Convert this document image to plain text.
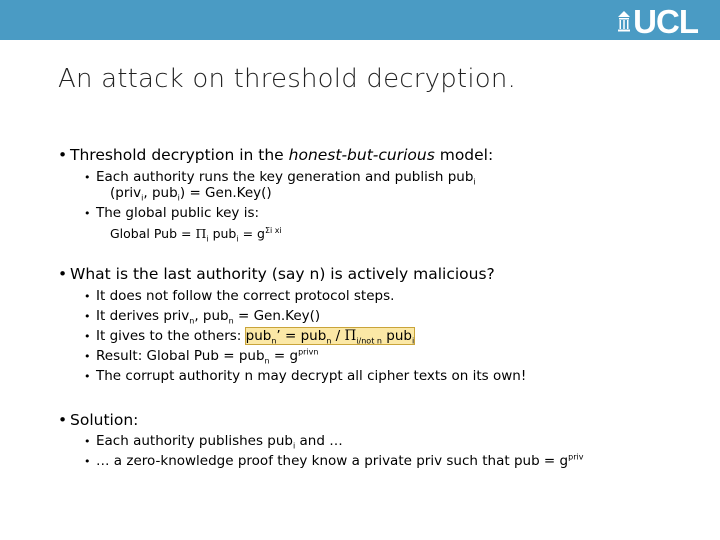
UCL
An attack on threshold decryption.
• Threshold decryption in the honest-but-curious model:
• Each authority runs the key generation and publish pub$_i$
(priv$_i$, pub$_i$) = Gen.Key()
• The global public key is:
Global Pub = $\Pi_i$ $pub_i = g^{\Sigma i xi}$
• What is the last authority (say n) is actively malicious?
• It does not follow the correct protocol steps.
• It derives priv$_n$, pub$_n$ = Gen.Key()
• It gives to the others: pub$_n$’ = $pub_n / \Pi_{i/not n}$ pub$_i$
• Result: Global Pub = $pub_n = g^{privn}$
• The corrupt authority n may decrypt all cipher texts on its own!
• Solution:
• Each authority publishes pub$_i$ and …
• … a zero-knowledge proof they know a private priv such that pub = $g^{priv}$
